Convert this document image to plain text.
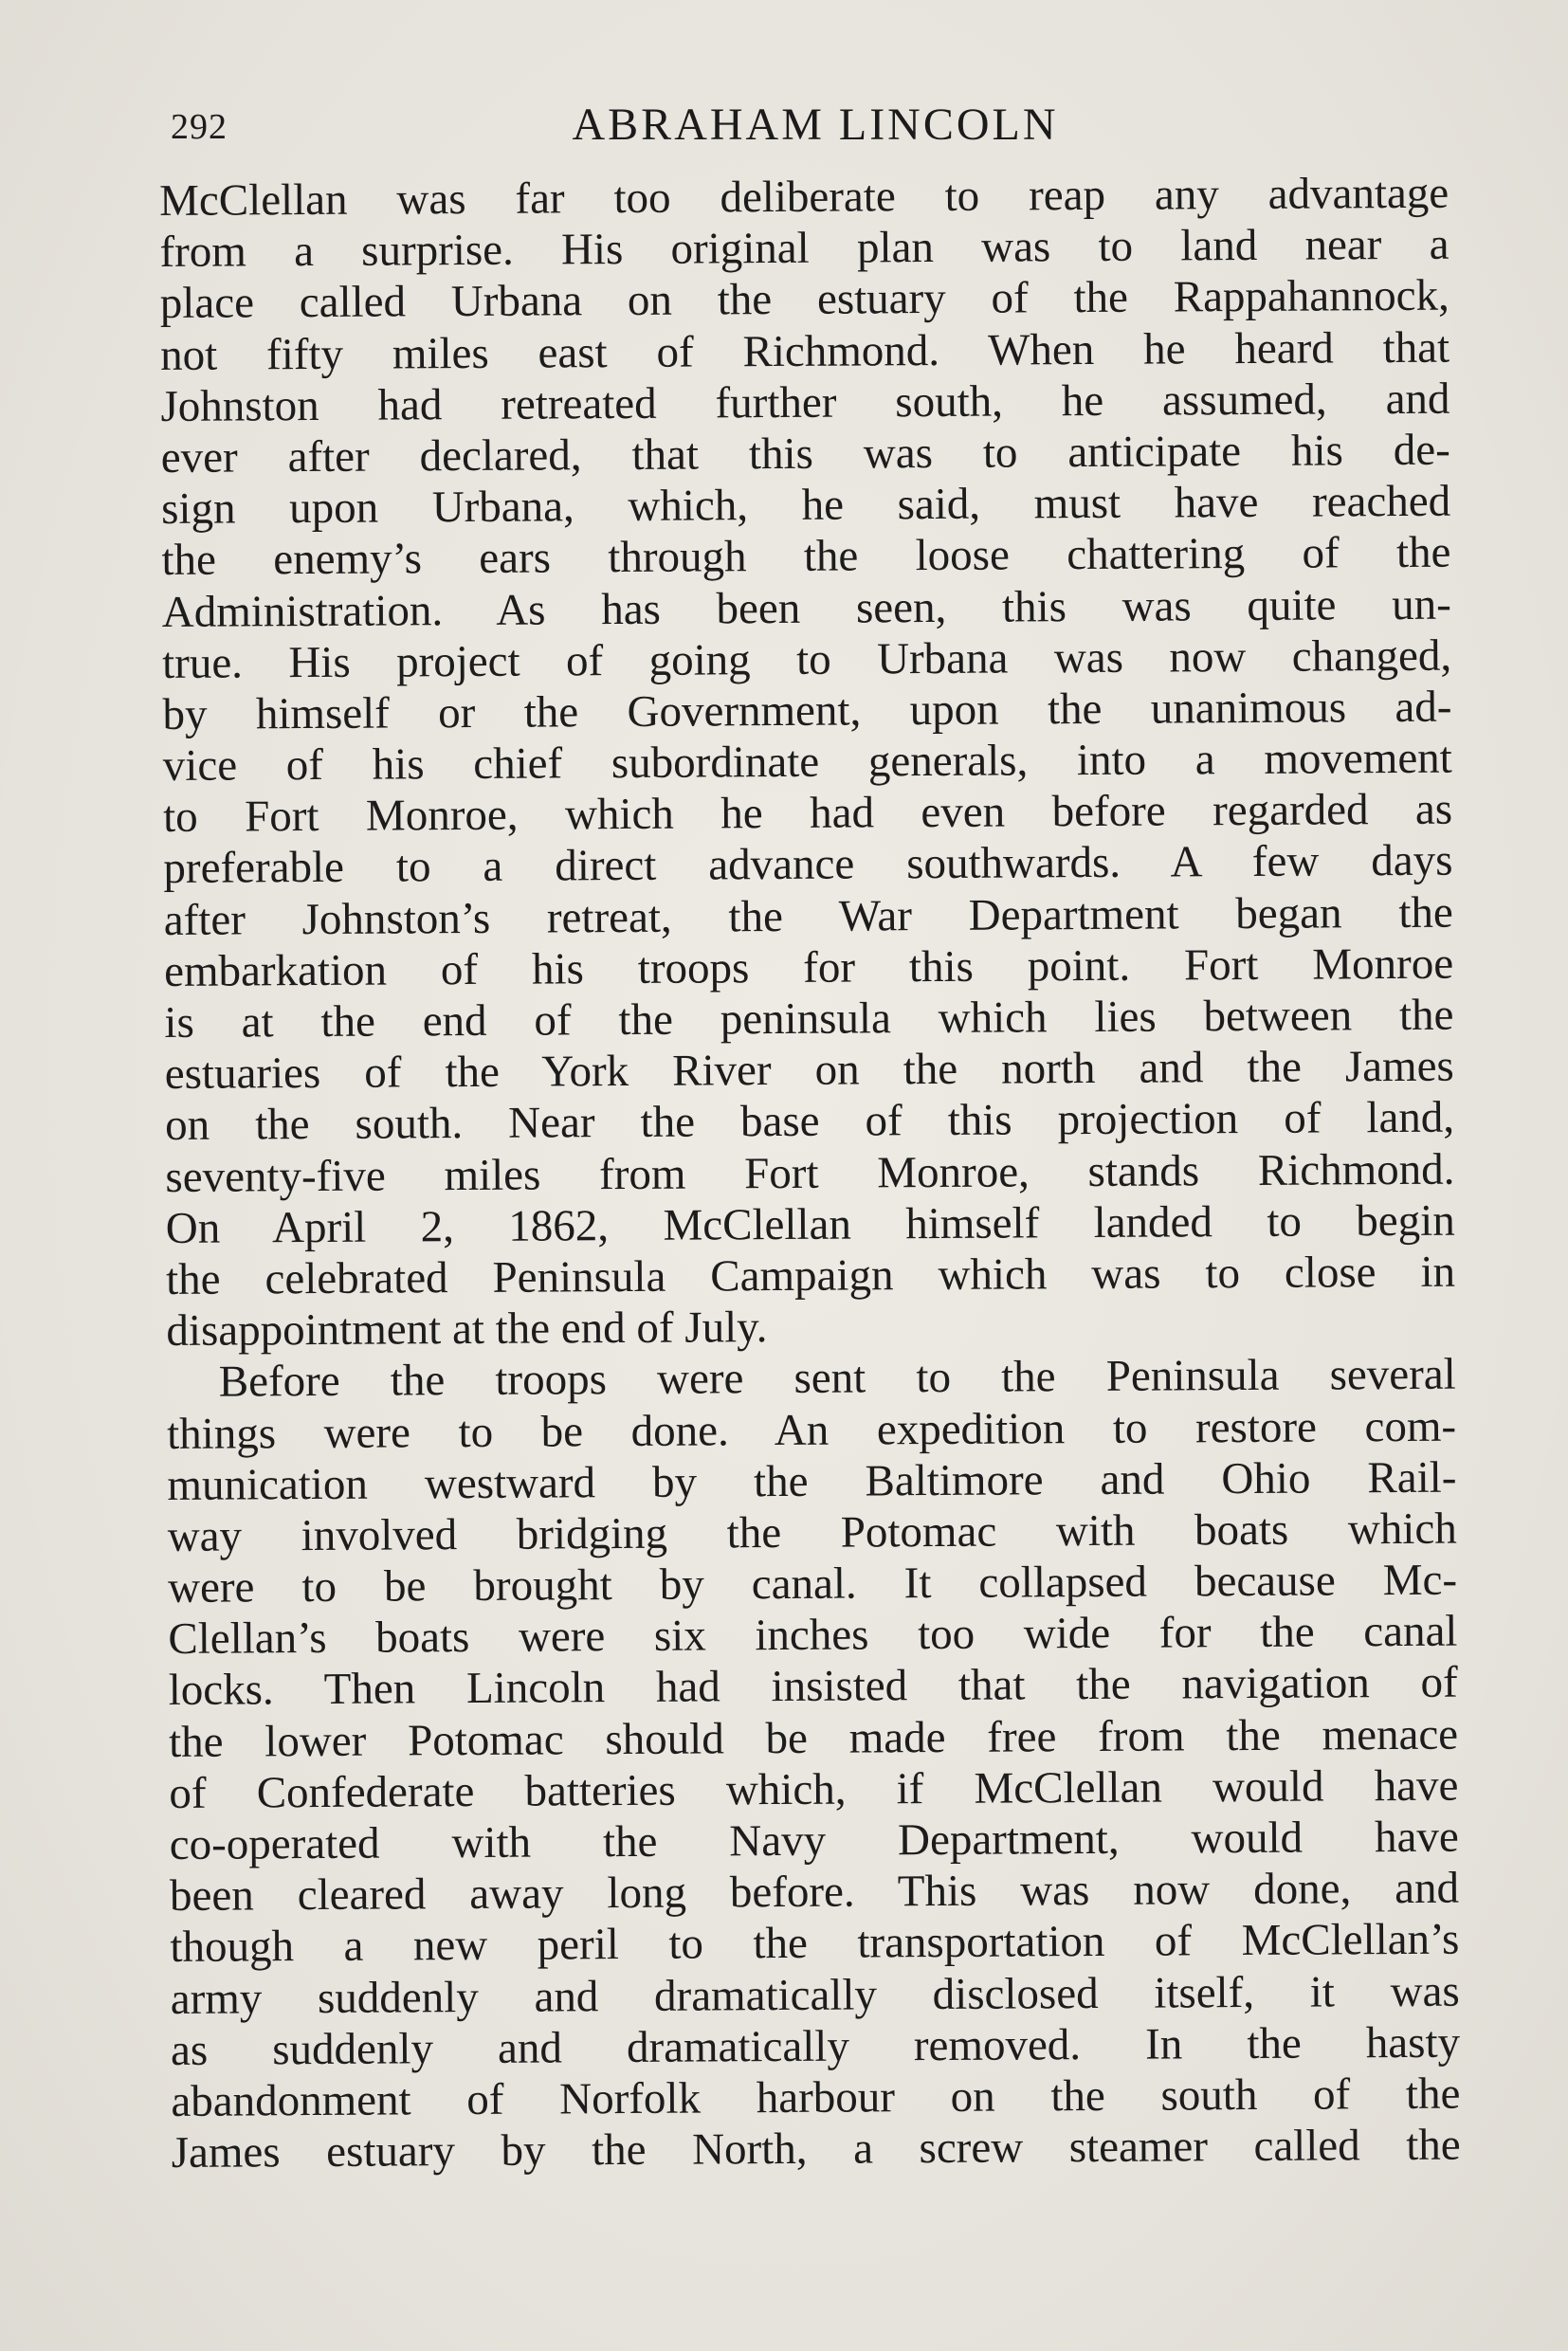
292	ABRAHAM LINCOLN
McClellan was far too deliberate to reap any advantage
from a surprise. His original plan was to land near a
place called Urbana on the estuary of the Rappahannock,
not fifty miles east of Richmond. When he heard that
Johnston had retreated further south, he assumed, and
ever after declared, that this was to anticipate his de-
sign upon Urbana, which, he said, must have reached
the enemy’s ears through the loose chattering of the
Administration. As has been seen, this was quite un-
true. His project of going to Urbana was now changed,
by himself or the Government, upon the unanimous ad-
vice of his chief subordinate generals, into a movement
to Fort Monroe, which he had even before regarded as
preferable to a direct advance southwards. A few days
after Johnston’s retreat, the War Department began the
embarkation of his troops for this point. Fort Monroe
is at the end of the peninsula which lies between the
estuaries of the York River on the north and the James
on the south. Near the base of this projection of land,
seventy-five miles from Fort Monroe, stands Richmond.
On April 2, 1862, McClellan himself landed to begin
the celebrated Peninsula Campaign which was to close in
disappointment at the end of July.
Before the troops were sent to the Peninsula several
things were to be done. An expedition to restore com-
munication westward by the Baltimore and Ohio Rail-
way involved bridging the Potomac with boats which
were to be brought by canal. It collapsed because Mc-
Clellan’s boats were six inches too wide for the canal
locks. Then Lincoln had insisted that the navigation of
the lower Potomac should be made free from the menace
of Confederate batteries which, if McClellan would have
co-operated with the Navy Department, would have
been cleared away long before. This was now done, and
though a new peril to the transportation of McClellan’s
army suddenly and dramatically disclosed itself, it was
as suddenly and dramatically removed. In the hasty
abandonment of Norfolk harbour on the south of the
James estuary by the North, a screw steamer called the
